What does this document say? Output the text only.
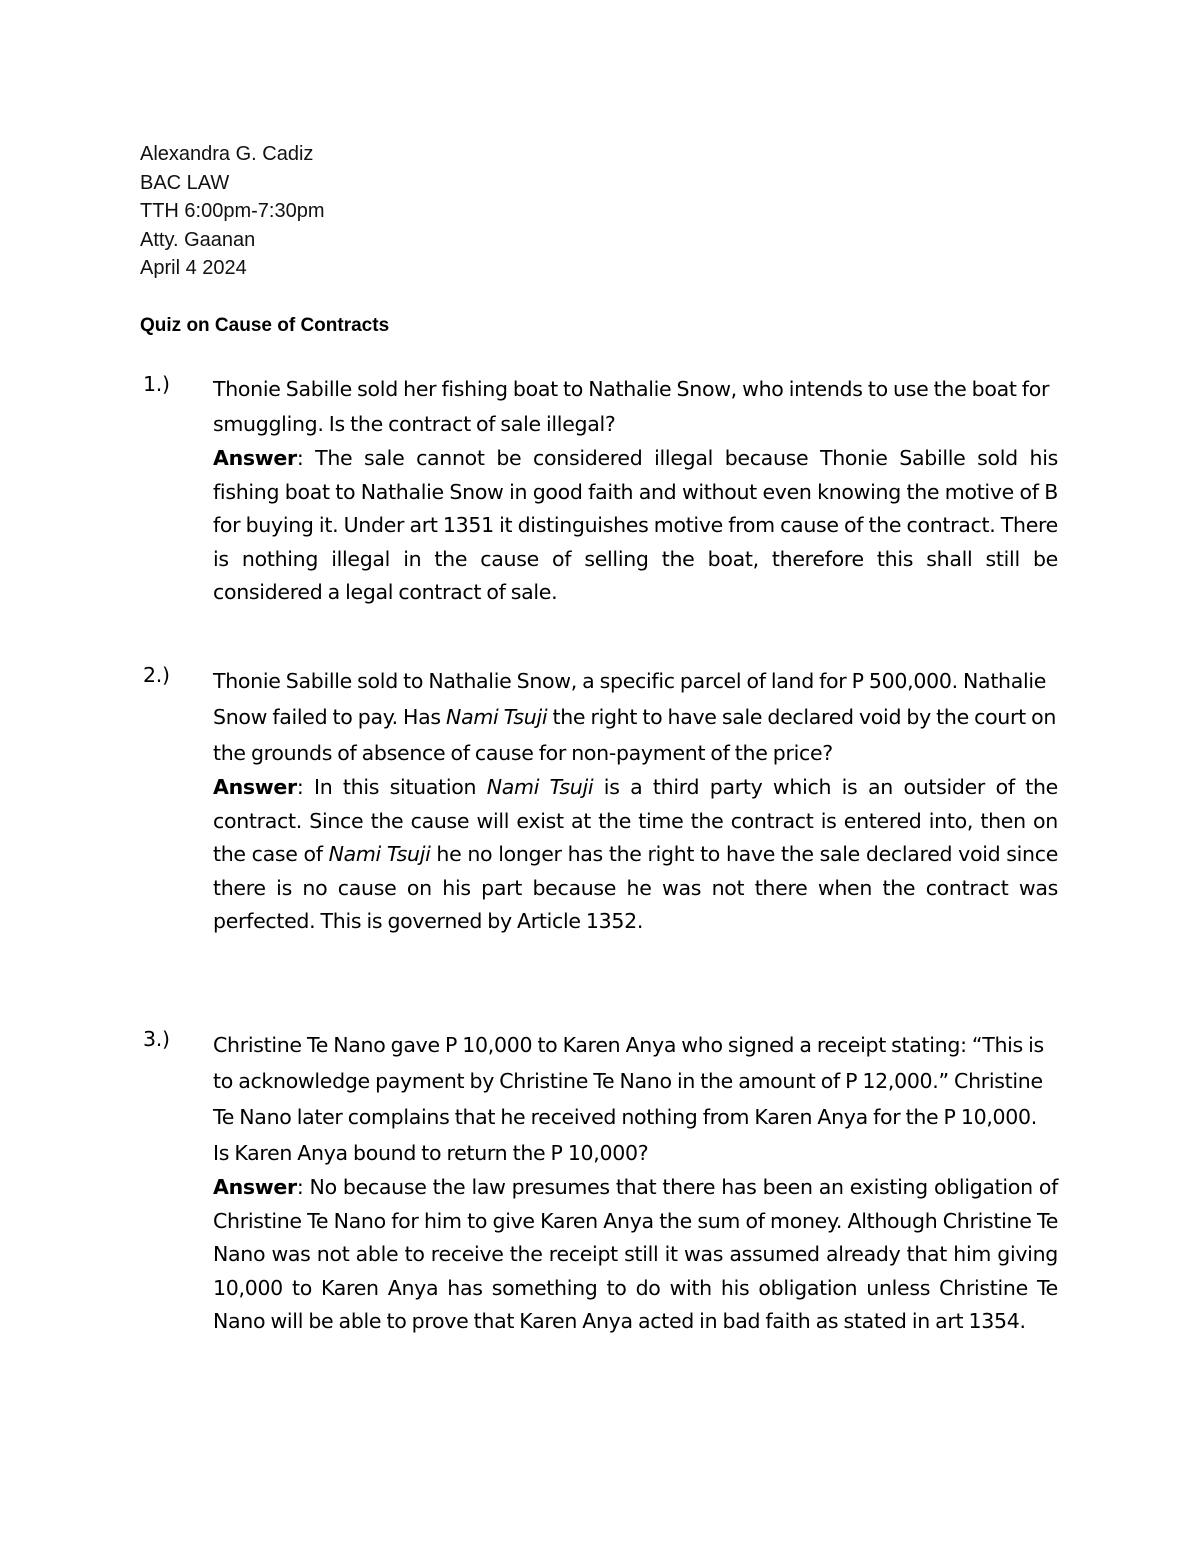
Alexandra G. Cadiz
BAC LAW
TTH 6:00pm-7:30pm
Atty. Gaanan
April 4 2024
Quiz on Cause of Contracts
1.) Thonie Sabille sold her fishing boat to Nathalie Snow, who intends to use the boat for smuggling. Is the contract of sale illegal?

Answer: The sale cannot be considered illegal because Thonie Sabille sold his fishing boat to Nathalie Snow in good faith and without even knowing the motive of B for buying it. Under art 1351 it distinguishes motive from cause of the contract. There is nothing illegal in the cause of selling the boat, therefore this shall still be considered a legal contract of sale.

2.) Thonie Sabille sold to Nathalie Snow, a specific parcel of land for P 500,000. Nathalie Snow failed to pay. Has Nami Tsuji the right to have sale declared void by the court on the grounds of absence of cause for non-payment of the price?

Answer: In this situation Nami Tsuji is a third party which is an outsider of the contract. Since the cause will exist at the time the contract is entered into, then on the case of Nami Tsuji he no longer has the right to have the sale declared void since there is no cause on his part because he was not there when the contract was perfected. This is governed by Article 1352.

3.) Christine Te Nano gave P 10,000 to Karen Anya who signed a receipt stating: “This is to acknowledge payment by Christine Te Nano in the amount of P 12,000.” Christine Te Nano later complains that he received nothing from Karen Anya for the P 10,000. Is Karen Anya bound to return the P 10,000?

Answer: No because the law presumes that there has been an existing obligation of Christine Te Nano for him to give Karen Anya the sum of money. Although Christine Te Nano was not able to receive the receipt still it was assumed already that him giving 10,000 to Karen Anya has something to do with his obligation unless Christine Te Nano will be able to prove that Karen Anya acted in bad faith as stated in art 1354.
